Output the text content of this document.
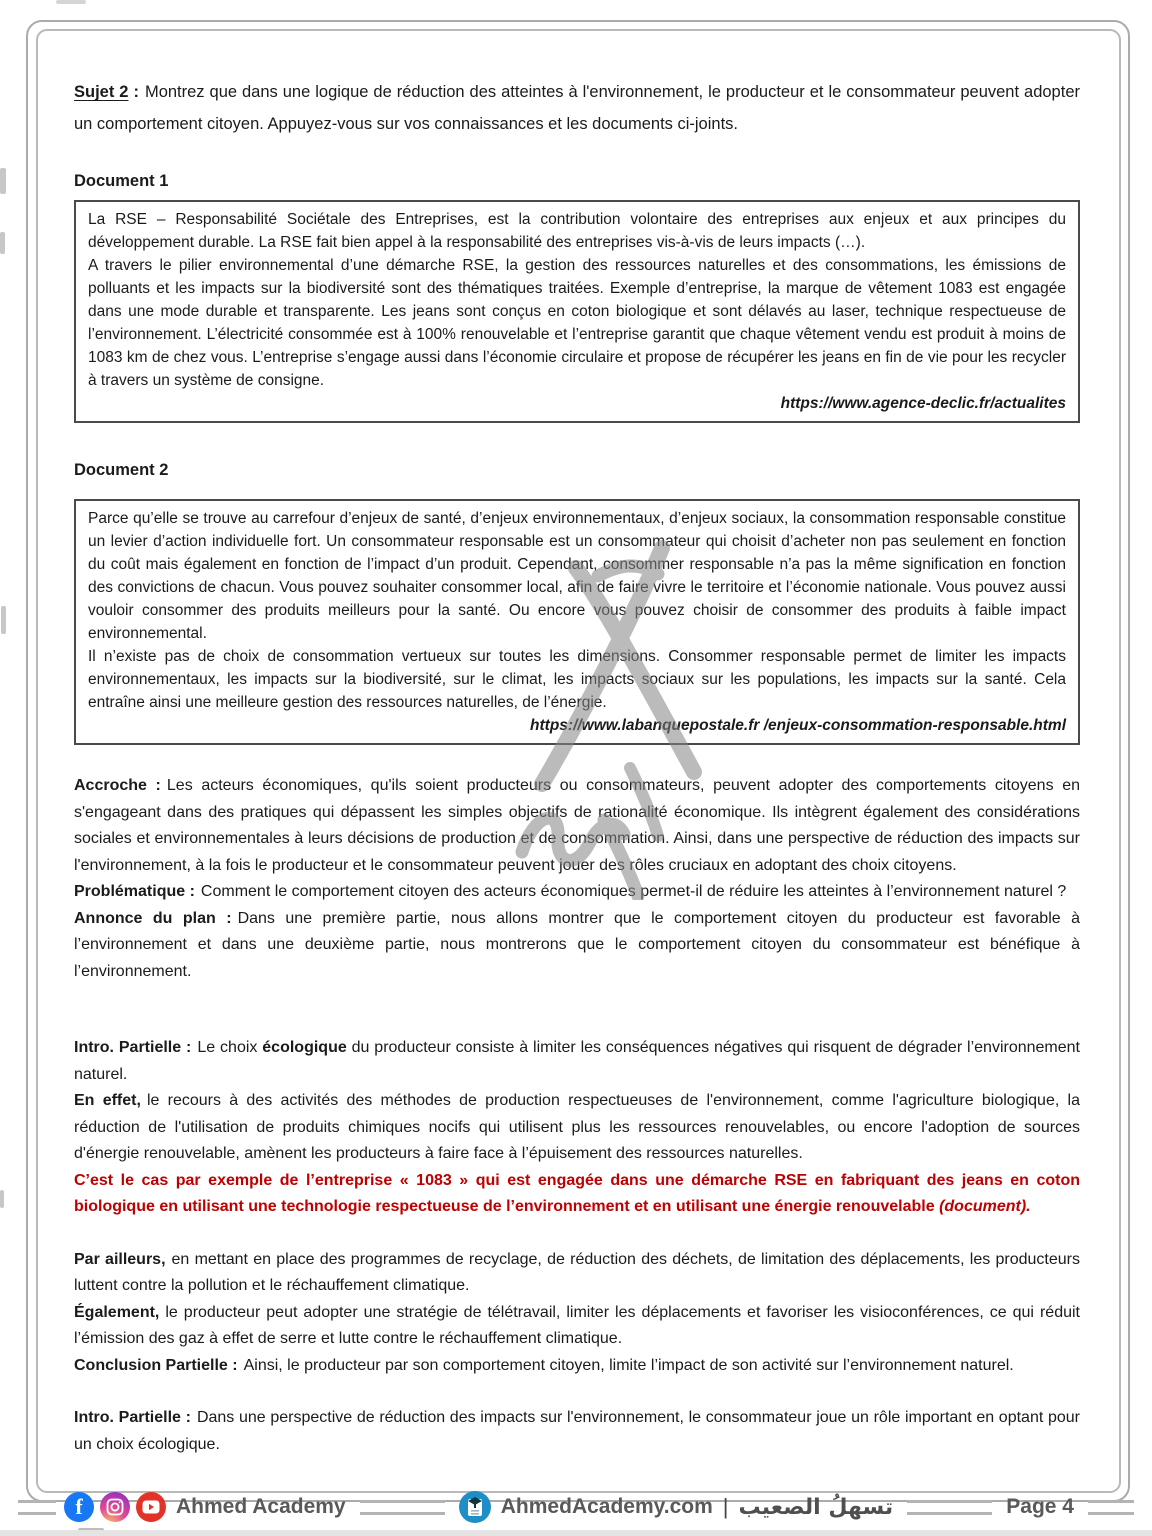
Sujet 2 : Montrez que dans une logique de réduction des atteintes à l'environnement, le producteur et le consommateur peuvent adopter un comportement citoyen. Appuyez-vous sur vos connaissances et les documents ci-joints.

Document 1

La RSE – Responsabilité Sociétale des Entreprises, est la contribution volontaire des entreprises aux enjeux et aux principes du développement durable. La RSE fait bien appel à la responsabilité des entreprises vis-à-vis de leurs impacts (…).

A travers le pilier environnemental d’une démarche RSE, la gestion des ressources naturelles et des consommations, les émissions de polluants et les impacts sur la biodiversité sont des thématiques traitées. Exemple d’entreprise, la marque de vêtement 1083 est engagée dans une mode durable et transparente. Les jeans sont conçus en coton biologique et sont délavés au laser, technique respectueuse de l’environnement. L’électricité consommée est à 100% renouvelable et l’entreprise garantit que chaque vêtement vendu est produit à moins de 1083 km de chez vous. L’entreprise s’engage aussi dans l’économie circulaire et propose de récupérer les jeans en fin de vie pour les recycler à travers un système de consigne.

https://www.agence-declic.fr/actualites

Document 2

Parce qu’elle se trouve au carrefour d’enjeux de santé, d’enjeux environnementaux, d’enjeux sociaux, la consommation responsable constitue un levier d’action individuelle fort. Un consommateur responsable est un consommateur qui choisit d’acheter non pas seulement en fonction du coût mais également en fonction de l’impact d’un produit. Cependant, consommer responsable n’a pas la même signification en fonction des convictions de chacun. Vous pouvez souhaiter consommer local, afin de faire vivre le territoire et l’économie nationale. Vous pouvez aussi vouloir consommer des produits meilleurs pour la santé. Ou encore vous pouvez choisir de consommer des produits à faible impact environnemental.

Il n’existe pas de choix de consommation vertueux sur toutes les dimensions. Consommer responsable permet de limiter les impacts environnementaux, les impacts sur la biodiversité, sur le climat, les impacts sociaux sur les populations, les impacts sur la santé. Cela entraîne ainsi une meilleure gestion des ressources naturelles, de l’énergie.

https://www.labanquepostale.fr /enjeux-consommation-responsable.html

Accroche : Les acteurs économiques, qu'ils soient producteurs ou consommateurs, peuvent adopter des comportements citoyens en s'engageant dans des pratiques qui dépassent les simples objectifs de rationalité économique. Ils intègrent également des considérations sociales et environnementales à leurs décisions de production et de consommation. Ainsi, dans une perspective de réduction des impacts sur l'environnement, à la fois le producteur et le consommateur peuvent jouer des rôles cruciaux en adoptant des choix citoyens.

Problématique : Comment le comportement citoyen des acteurs économiques permet-il de réduire les atteintes à l’environnement naturel ?

Annonce du plan : Dans une première partie, nous allons montrer que le comportement citoyen du producteur est favorable à l’environnement et dans une deuxième partie, nous montrerons que le comportement citoyen du consommateur est bénéfique à l’environnement.

Intro. Partielle : Le choix écologique du producteur consiste à limiter les conséquences négatives qui risquent de dégrader l’environnement naturel.

En effet, le recours à des activités des méthodes de production respectueuses de l'environnement, comme l'agriculture biologique, la réduction de l'utilisation de produits chimiques nocifs qui utilisent plus les ressources renouvelables, ou encore l'adoption de sources d'énergie renouvelable, amènent les producteurs à faire face à l’épuisement des ressources naturelles.

C’est le cas par exemple de l’entreprise « 1083 » qui est engagée dans une démarche RSE en fabriquant des jeans en coton biologique en utilisant une technologie respectueuse de l’environnement et en utilisant une énergie renouvelable (document).

Par ailleurs, en mettant en place des programmes de recyclage, de réduction des déchets, de limitation des déplacements, les producteurs luttent contre la pollution et le réchauffement climatique.

Également, le producteur peut adopter une stratégie de télétravail, limiter les déplacements et favoriser les visioconférences, ce qui réduit l’émission des gaz à effet de serre et lutte contre le réchauffement climatique.

Conclusion Partielle : Ainsi, le producteur par son comportement citoyen, limite l’impact de son activité sur l’environnement naturel.

Intro. Partielle : Dans une perspective de réduction des impacts sur l'environnement, le consommateur joue un rôle important en optant pour un choix écologique.

f	Ahmed Academy	AhmedAcademy.com | تسهلُ الصعيب	Page 4
